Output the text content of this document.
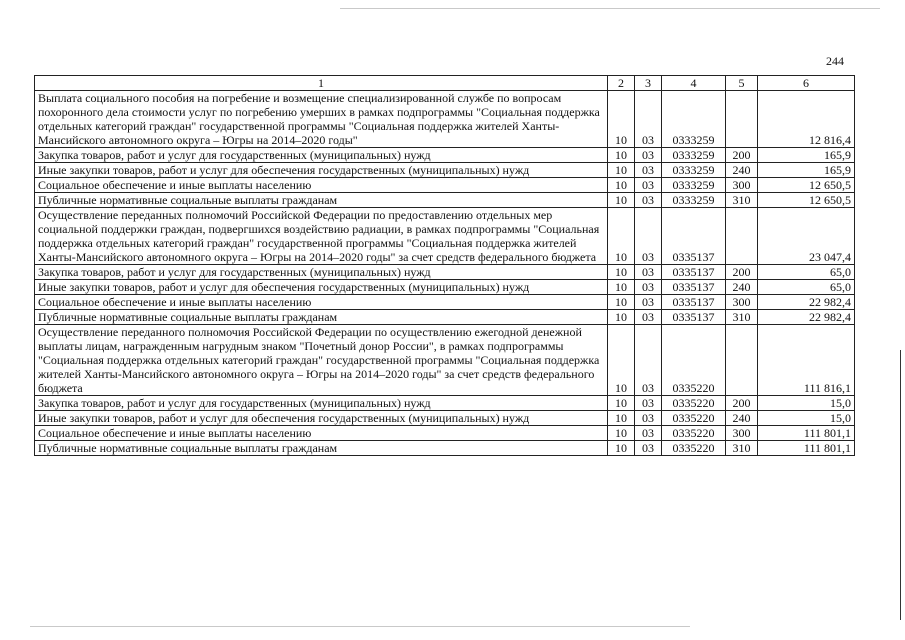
244
1	2	3	4	5	6
Выплата социального пособия на погребение и возмещение специализированной службе по вопросам похоронного дела стоимости услуг по погребению умерших в рамках подпрограммы "Социальная поддержка отдельных категорий граждан" государственной программы "Социальная поддержка жителей Ханты-Мансийского автономного округа – Югры на 2014–2020 годы"	10	03	0333259		12 816,4
Закупка товаров, работ и услуг для государственных (муниципальных) нужд	10	03	0333259	200	165,9
Иные закупки товаров, работ и услуг для обеспечения государственных (муниципальных) нужд	10	03	0333259	240	165,9
Социальное обеспечение и иные выплаты населению	10	03	0333259	300	12 650,5
Публичные нормативные социальные выплаты гражданам	10	03	0333259	310	12 650,5
Осуществление переданных полномочий Российской Федерации по предоставлению отдельных мер социальной поддержки граждан, подвергшихся воздействию радиации, в рамках подпрограммы "Социальная поддержка отдельных категорий граждан" государственной программы "Социальная поддержка жителей Ханты-Мансийского автономного округа – Югры на 2014–2020 годы" за счет средств федерального бюджета	10	03	0335137		23 047,4
Закупка товаров, работ и услуг для государственных (муниципальных) нужд	10	03	0335137	200	65,0
Иные закупки товаров, работ и услуг для обеспечения государственных (муниципальных) нужд	10	03	0335137	240	65,0
Социальное обеспечение и иные выплаты населению	10	03	0335137	300	22 982,4
Публичные нормативные социальные выплаты гражданам	10	03	0335137	310	22 982,4
Осуществление переданного полномочия Российской Федерации по осуществлению ежегодной денежной выплаты лицам, награжденным нагрудным знаком "Почетный донор России", в рамках подпрограммы "Социальная поддержка отдельных категорий граждан" государственной программы "Социальная поддержка жителей Ханты-Мансийского автономного округа – Югры на 2014–2020 годы" за счет средств федерального бюджета	10	03	0335220		111 816,1
Закупка товаров, работ и услуг для государственных (муниципальных) нужд	10	03	0335220	200	15,0
Иные закупки товаров, работ и услуг для обеспечения государственных (муниципальных) нужд	10	03	0335220	240	15,0
Социальное обеспечение и иные выплаты населению	10	03	0335220	300	111 801,1
Публичные нормативные социальные выплаты гражданам	10	03	0335220	310	111 801,1
